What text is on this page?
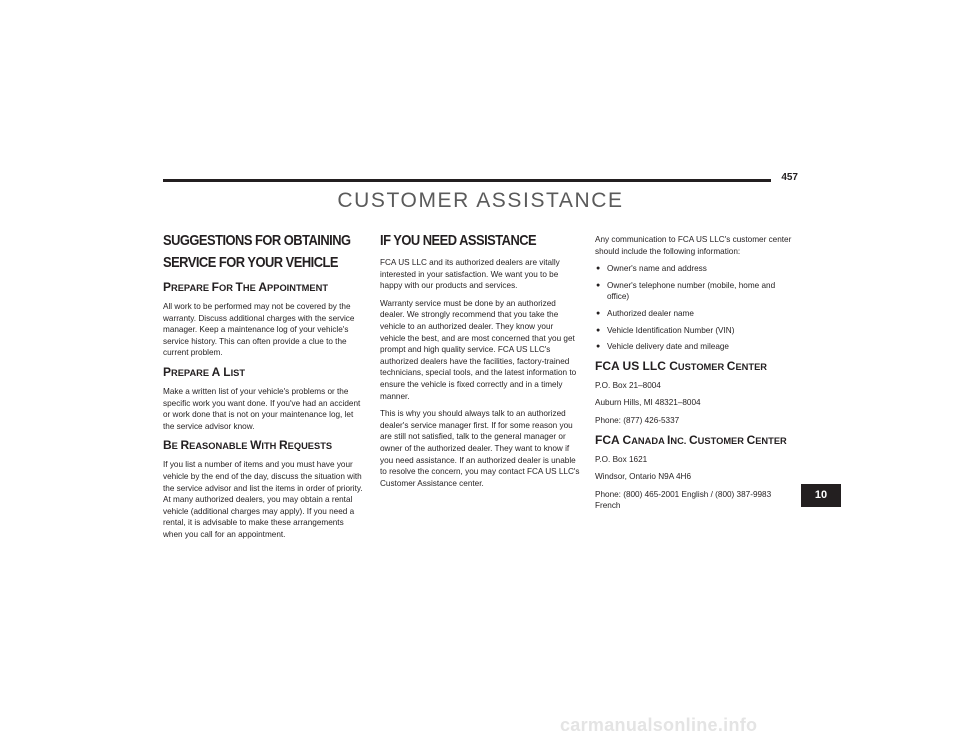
457
CUSTOMER ASSISTANCE
SUGGESTIONS FOR OBTAINING SERVICE FOR YOUR VEHICLE
PREPARE FOR THE APPOINTMENT

All work to be performed may not be covered by the warranty. Discuss additional charges with the service manager. Keep a maintenance log of your vehicle's service history. This can often provide a clue to the current problem.

PREPARE A LIST

Make a written list of your vehicle's problems or the specific work you want done. If you've had an accident or work done that is not on your maintenance log, let the service advisor know.

BE REASONABLE WITH REQUESTS

If you list a number of items and you must have your vehicle by the end of the day, discuss the situation with the service advisor and list the items in order of priority. At many authorized dealers, you may obtain a rental vehicle (additional charges may apply). If you need a rental, it is advisable to make these arrangements when you call for an appointment.

IF YOU NEED ASSISTANCE

FCA US LLC and its authorized dealers are vitally interested in your satisfaction. We want you to be happy with our products and services.

Warranty service must be done by an authorized dealer. We strongly recommend that you take the vehicle to an authorized dealer. They know your vehicle the best, and are most concerned that you get prompt and high quality service. FCA US LLC's authorized dealers have the facilities, factory-trained technicians, special tools, and the latest information to ensure the vehicle is fixed correctly and in a timely manner.

This is why you should always talk to an authorized dealer's service manager first. If for some reason you are still not satisfied, talk to the general manager or owner of the authorized dealer. They want to know if you need assistance. If an authorized dealer is unable to resolve the concern, you may contact FCA US LLC's Customer Assistance center.

Any communication to FCA US LLC's customer center should include the following information:

● Owner's name and address
● Owner's telephone number (mobile, home and office)
● Authorized dealer name
● Vehicle Identification Number (VIN)
● Vehicle delivery date and mileage
FCA US LLC CUSTOMER CENTER

P.O. Box 21–8004

Auburn Hills, MI 48321–8004

Phone: (877) 426-5337

FCA CANADA INC. CUSTOMER CENTER

P.O. Box 1621

Windsor, Ontario N9A 4H6

Phone: (800) 465-2001 English / (800) 387-9983 French

10
carmanualsonline.info
